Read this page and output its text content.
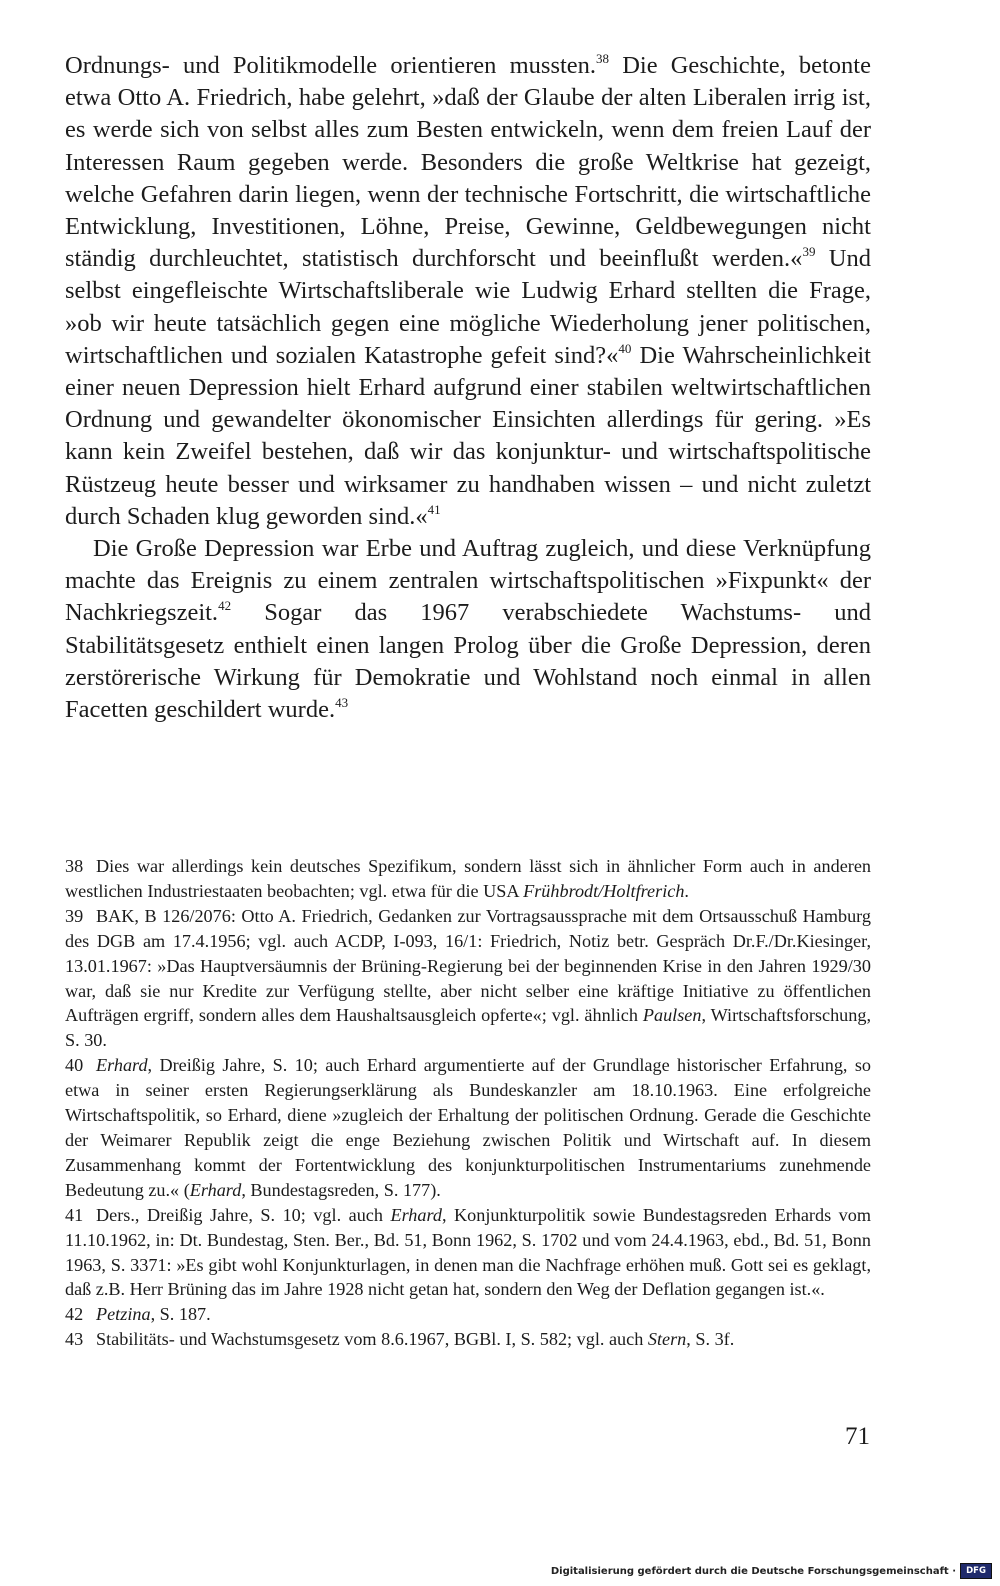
Ordnungs- und Politikmodelle orientieren mussten.$^{38}$ Die Geschichte, betonte etwa Otto A. Friedrich, habe gelehrt, »daß der Glaube der alten Liberalen irrig ist, es werde sich von selbst alles zum Besten entwickeln, wenn dem freien Lauf der Interessen Raum gegeben werde. Besonders die große Weltkrise hat gezeigt, welche Gefahren darin liegen, wenn der technische Fortschritt, die wirtschaftliche Entwicklung, Investitionen, Löhne, Preise, Gewinne, Geldbewegungen nicht ständig durchleuchtet, statistisch durchforscht und beeinflußt werden.«$^{39}$ Und selbst eingefleischte Wirtschaftsliberale wie Ludwig Erhard stellten die Frage, »ob wir heute tatsächlich gegen eine mögliche Wiederholung jener politischen, wirtschaftlichen und sozialen Katastrophe gefeit sind?«$^{40}$ Die Wahrscheinlichkeit einer neuen Depression hielt Erhard aufgrund einer stabilen weltwirtschaftlichen Ordnung und gewandelter ökonomischer Einsichten allerdings für gering. »Es kann kein Zweifel bestehen, daß wir das konjunktur- und wirtschaftspolitische Rüstzeug heute besser und wirksamer zu handhaben wissen – und nicht zuletzt durch Schaden klug geworden sind.«$^{41}$

Die Große Depression war Erbe und Auftrag zugleich, und diese Verknüpfung machte das Ereignis zu einem zentralen wirtschaftspolitischen »Fixpunkt« der Nachkriegszeit.$^{42}$ Sogar das 1967 verabschiedete Wachstums- und Stabilitätsgesetz enthielt einen langen Prolog über die Große Depression, deren zerstörerische Wirkung für Demokratie und Wohlstand noch einmal in allen Facetten geschildert wurde.$^{43}$

38 Dies war allerdings kein deutsches Spezifikum, sondern lässt sich in ähnlicher Form auch in anderen westlichen Industriestaaten beobachten; vgl. etwa für die USA Frühbrodt/Holtfrerich.

39 BAK, B 126/2076: Otto A. Friedrich, Gedanken zur Vortragsaussprache mit dem Ortsausschuß Hamburg des DGB am 17.4.1956; vgl. auch ACDP, I-093, 16/1: Friedrich, Notiz betr. Gespräch Dr.F./Dr.Kiesinger, 13.01.1967: »Das Hauptversäumnis der Brüning-Regierung bei der beginnenden Krise in den Jahren 1929/30 war, daß sie nur Kredite zur Verfügung stellte, aber nicht selber eine kräftige Initiative zu öffentlichen Aufträgen ergriff, sondern alles dem Haushaltsausgleich opferte«; vgl. ähnlich Paulsen, Wirtschaftsforschung, S. 30.

40 Erhard, Dreißig Jahre, S. 10; auch Erhard argumentierte auf der Grundlage historischer Erfahrung, so etwa in seiner ersten Regierungserklärung als Bundeskanzler am 18.10.1963. Eine erfolgreiche Wirtschaftspolitik, so Erhard, diene »zugleich der Erhaltung der politischen Ordnung. Gerade die Geschichte der Weimarer Republik zeigt die enge Beziehung zwischen Politik und Wirtschaft auf. In diesem Zusammenhang kommt der Fortentwicklung des konjunkturpolitischen Instrumentariums zunehmende Bedeutung zu.« (Erhard, Bundestagsreden, S. 177).

41 Ders., Dreißig Jahre, S. 10; vgl. auch Erhard, Konjunkturpolitik sowie Bundestagsreden Erhards vom 11.10.1962, in: Dt. Bundestag, Sten. Ber., Bd. 51, Bonn 1962, S. 1702 und vom 24.4.1963, ebd., Bd. 51, Bonn 1963, S. 3371: »Es gibt wohl Konjunkturlagen, in denen man die Nachfrage erhöhen muß. Gott sei es geklagt, daß z.B. Herr Brüning das im Jahre 1928 nicht getan hat, sondern den Weg der Deflation gegangen ist.«.

42 Petzina, S. 187.

43 Stabilitäts- und Wachstumsgesetz vom 8.6.1967, BGBl. I, S. 582; vgl. auch Stern, S. 3f.

71
Digitalisierung gefördert durch die Deutsche Forschungsgemeinschaft ·	DFG
